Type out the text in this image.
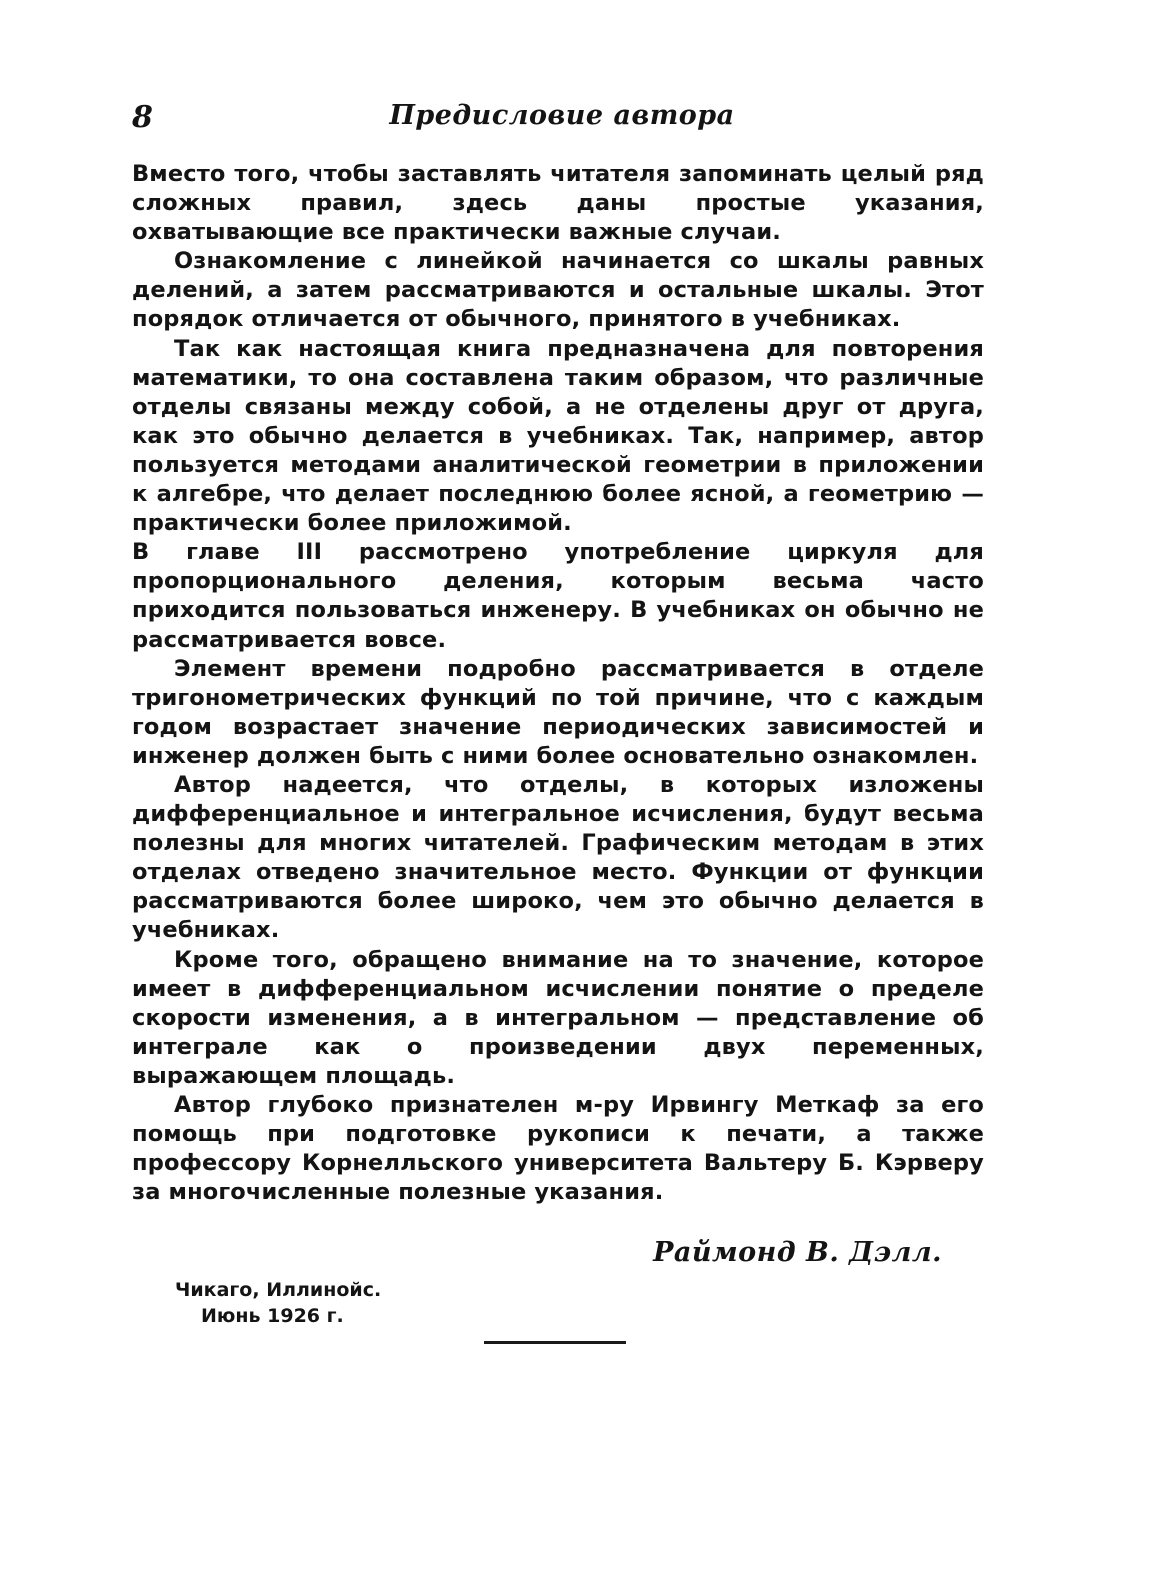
8	Предисловие автора

Вместо того, чтобы заставлять читателя запоминать целый ряд сложных правил, здесь даны простые указания, охватывающие все практически важные случаи.

Ознакомление с линейкой начинается со шкалы равных делений, а затем рассматриваются и остальные шкалы. Этот порядок отличается от обычного, принятого в учебниках.

Так как настоящая книга предназначена для повторения математики, то она составлена таким образом, что различные отделы связаны между собой, а не отделены друг от друга, как это обычно делается в учебниках. Так, например, автор пользуется методами аналитической геометрии в приложении к алгебре, что делает последнюю более ясной, а геометрию — практически более приложимой.

В главе III рассмотрено употребление циркуля для пропорционального деления, которым весьма часто приходится пользоваться инженеру. В учебниках он обычно не рассматривается вовсе.

Элемент времени подробно рассматривается в отделе тригонометрических функций по той причине, что с каждым годом возрастает значение периодических зависимостей и инженер должен быть с ними более основательно ознакомлен.

Автор надеется, что отделы, в которых изложены дифференциальное и интегральное исчисления, будут весьма полезны для многих читателей. Графическим методам в этих отделах отведено значительное место. Функции от функции рассматриваются более широко, чем это обычно делается в учебниках.

Кроме того, обращено внимание на то значение, которое имеет в дифференциальном исчислении понятие о пределе скорости изменения, а в интегральном — представление об интеграле как о произведении двух переменных, выражающем площадь.

Автор глубоко признателен м-ру Ирвингу Меткаф за его помощь при подготовке рукописи к печати, а также профессору Корнелльского университета Вальтеру Б. Кэрверу за многочисленные полезные указания.

Раймонд В. Дэлл.
Чикаго, Иллинойс.
Июнь 1926 г.
